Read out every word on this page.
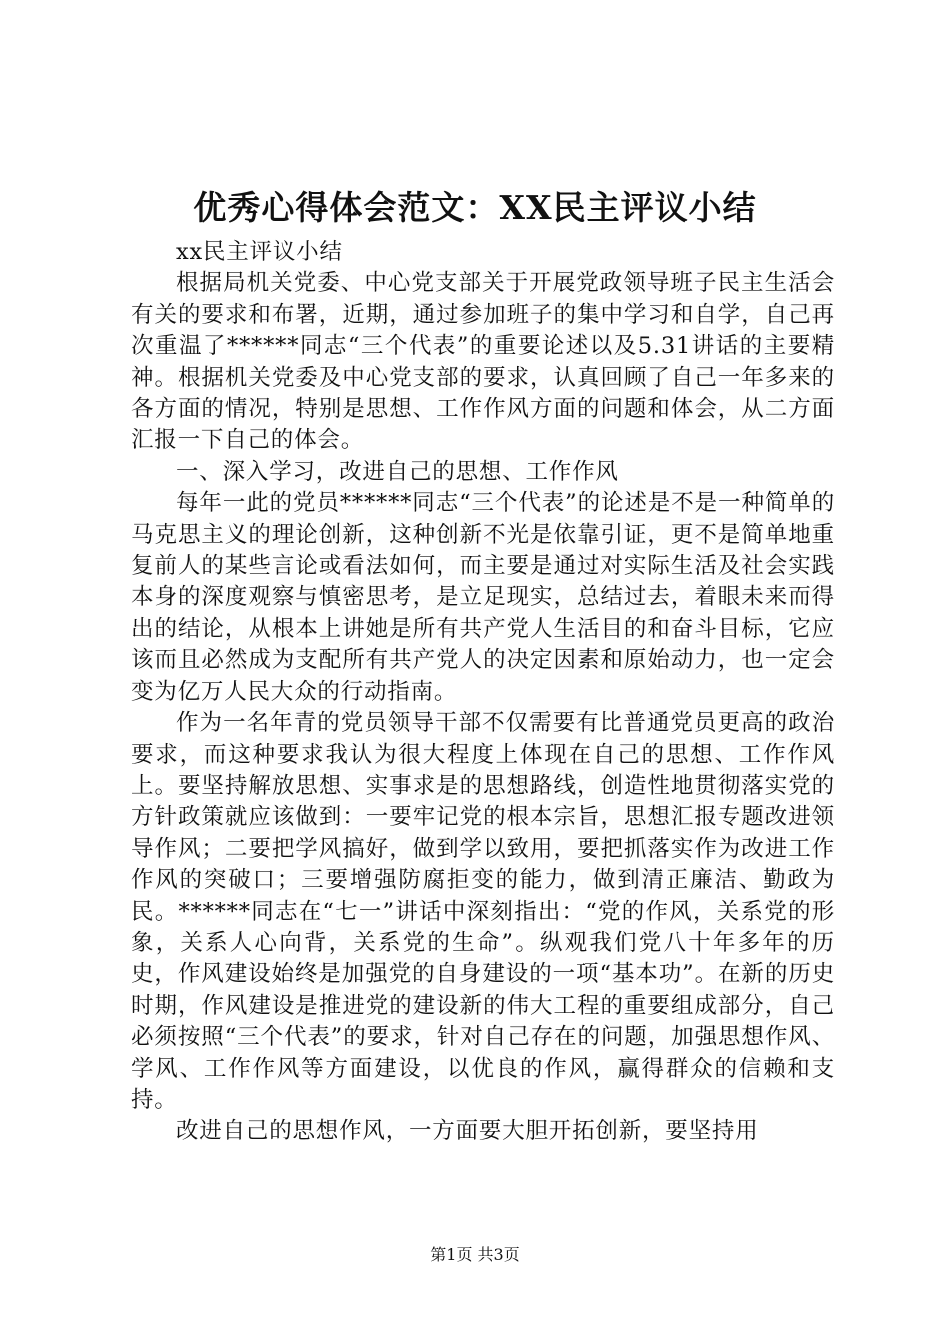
优秀心得体会范文：XX民主评议小结

xx民主评议小结

根据局机关党委、中心党支部关于开展党政领导班子民主生活会有关的要求和布署，近期，通过参加班子的集中学习和自学，自己再次重温了******同志“三个代表”的重要论述以及5.31讲话的主要精神。根据机关党委及中心党支部的要求，认真回顾了自己一年多来的各方面的情况，特别是思想、工作作风方面的问题和体会，从二方面汇报一下自己的体会。

一、深入学习，改进自己的思想、工作作风

每年一此的党员******同志“三个代表”的论述是不是一种简单的马克思主义的理论创新，这种创新不光是依靠引证，更不是简单地重复前人的某些言论或看法如何，而主要是通过对实际生活及社会实践本身的深度观察与慎密思考，是立足现实，总结过去，着眼未来而得出的结论，从根本上讲她是所有共产党人生活目的和奋斗目标，它应该而且必然成为支配所有共产党人的决定因素和原始动力，也一定会变为亿万人民大众的行动指南。

作为一名年青的党员领导干部不仅需要有比普通党员更高的政治要求，而这种要求我认为很大程度上体现在自己的思想、工作作风上。要坚持解放思想、实事求是的思想路线，创造性地贯彻落实党的方针政策就应该做到：一要牢记党的根本宗旨，思想汇报专题改进领导作风；二要把学风搞好，做到学以致用，要把抓落实作为改进工作作风的突破口；三要增强防腐拒变的能力，做到清正廉洁、勤政为民。******同志在“七一”讲话中深刻指出：“党的作风，关系党的形象，关系人心向背，关系党的生命”。纵观我们党八十年多年的历史，作风建设始终是加强党的自身建设的一项“基本功”。在新的历史时期，作风建设是推进党的建设新的伟大工程的重要组成部分，自己必须按照“三个代表”的要求，针对自己存在的问题，加强思想作风、学风、工作作风等方面建设，以优良的作风，赢得群众的信赖和支持。

改进自己的思想作风，一方面要大胆开拓创新，要坚持用

第1页 共3页
